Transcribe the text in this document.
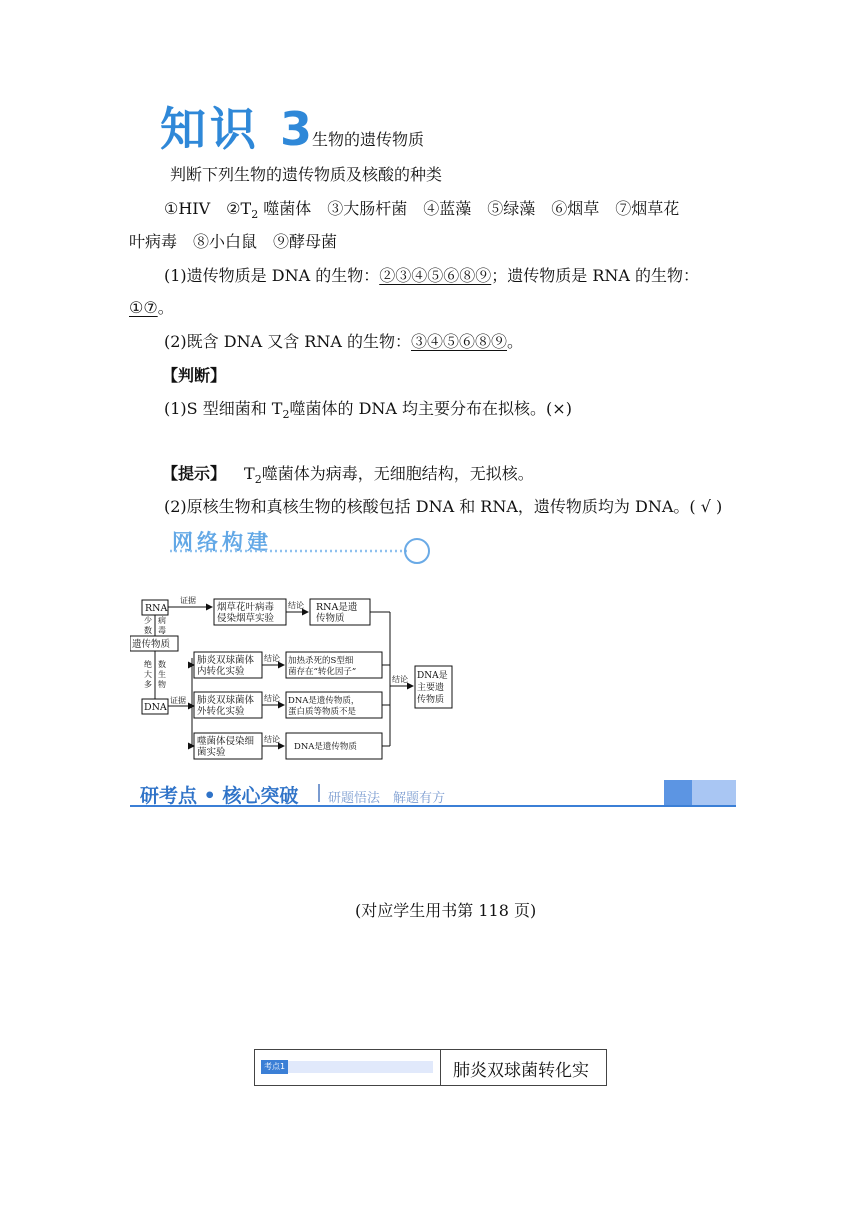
知识 3
生物的遗传物质
判断下列生物的遗传物质及核酸的种类
①HIV　$②T_2$ 噬菌体　③大肠杆菌　④蓝藻　⑤绿藻　⑥烟草　⑦烟草花
叶病毒　⑧小白鼠　⑨酵母菌
(1)遗传物质是 DNA 的生物：②③④⑤⑥⑧⑨；遗传物质是 RNA 的生物：
①⑦。
(2)既含 DNA 又含 RNA 的生物：③④⑤⑥⑧⑨。
【判断】
(1)S 型细菌和 $T_2$噬菌体的 DNA 均主要分布在拟核。(×)
【提示】 $T_2$噬菌体为病毒，无细胞结构，无拟核。
(2)原核生物和真核生物的核酸包括 DNA 和 RNA，遗传物质均为 DNA。( √ )
网络构建
RNA
少
数
病
毒
遗传物质
绝
大
多
数
生
物
DNA
证据
证据
烟草花叶病毒
侵染烟草实验
结论 RNA是遗
传物质
肺炎双球菌体
内转化实验
结论 加热杀死的S型细
菌存在“转化因子”
肺炎双球菌体
外转化实验
结论 DNA是遗传物质，
蛋白质等物质不是
噬菌体侵染细
菌实验
结论
DNA是遗传物质
结论 DNA是
主要遗
传物质
研考点 • 核心突破 研题悟法　解题有方
(对应学生用书第 118 页)
考点1	肺炎双球菌转化实
